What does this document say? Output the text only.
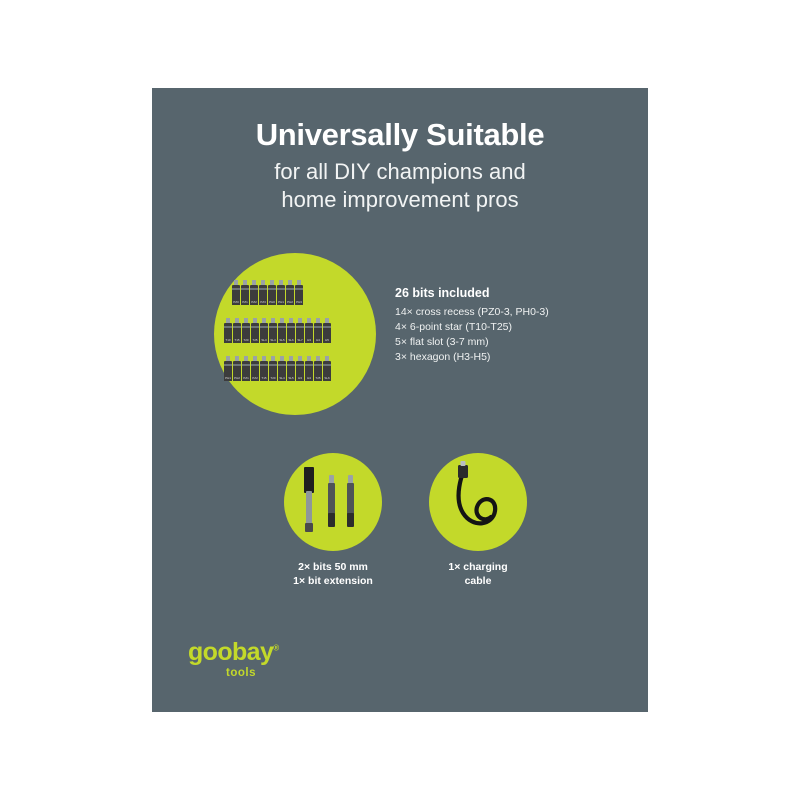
Universally Suitable
for all DIY champions and
home improvement pros
PZ0	PZ1	PZ2	PZ3	PH0	PH1	PH2	PH3
T10	T15	T20	T25	SL3	SL4	SL5	SL6	SL7	H3	H4	H5
PH1	PH2	PZ1	PZ2	T15	T20	SL4	SL5	H3	H4	T25	SL6
26 bits included
14× cross recess (PZ0-3, PH0-3)
4× 6-point star (T10-T25)
5× flat slot (3-7 mm)
3× hexagon (H3-H5)
2× bits 50 mm
1× bit extension
1× charging
cable
goobay®
tools
